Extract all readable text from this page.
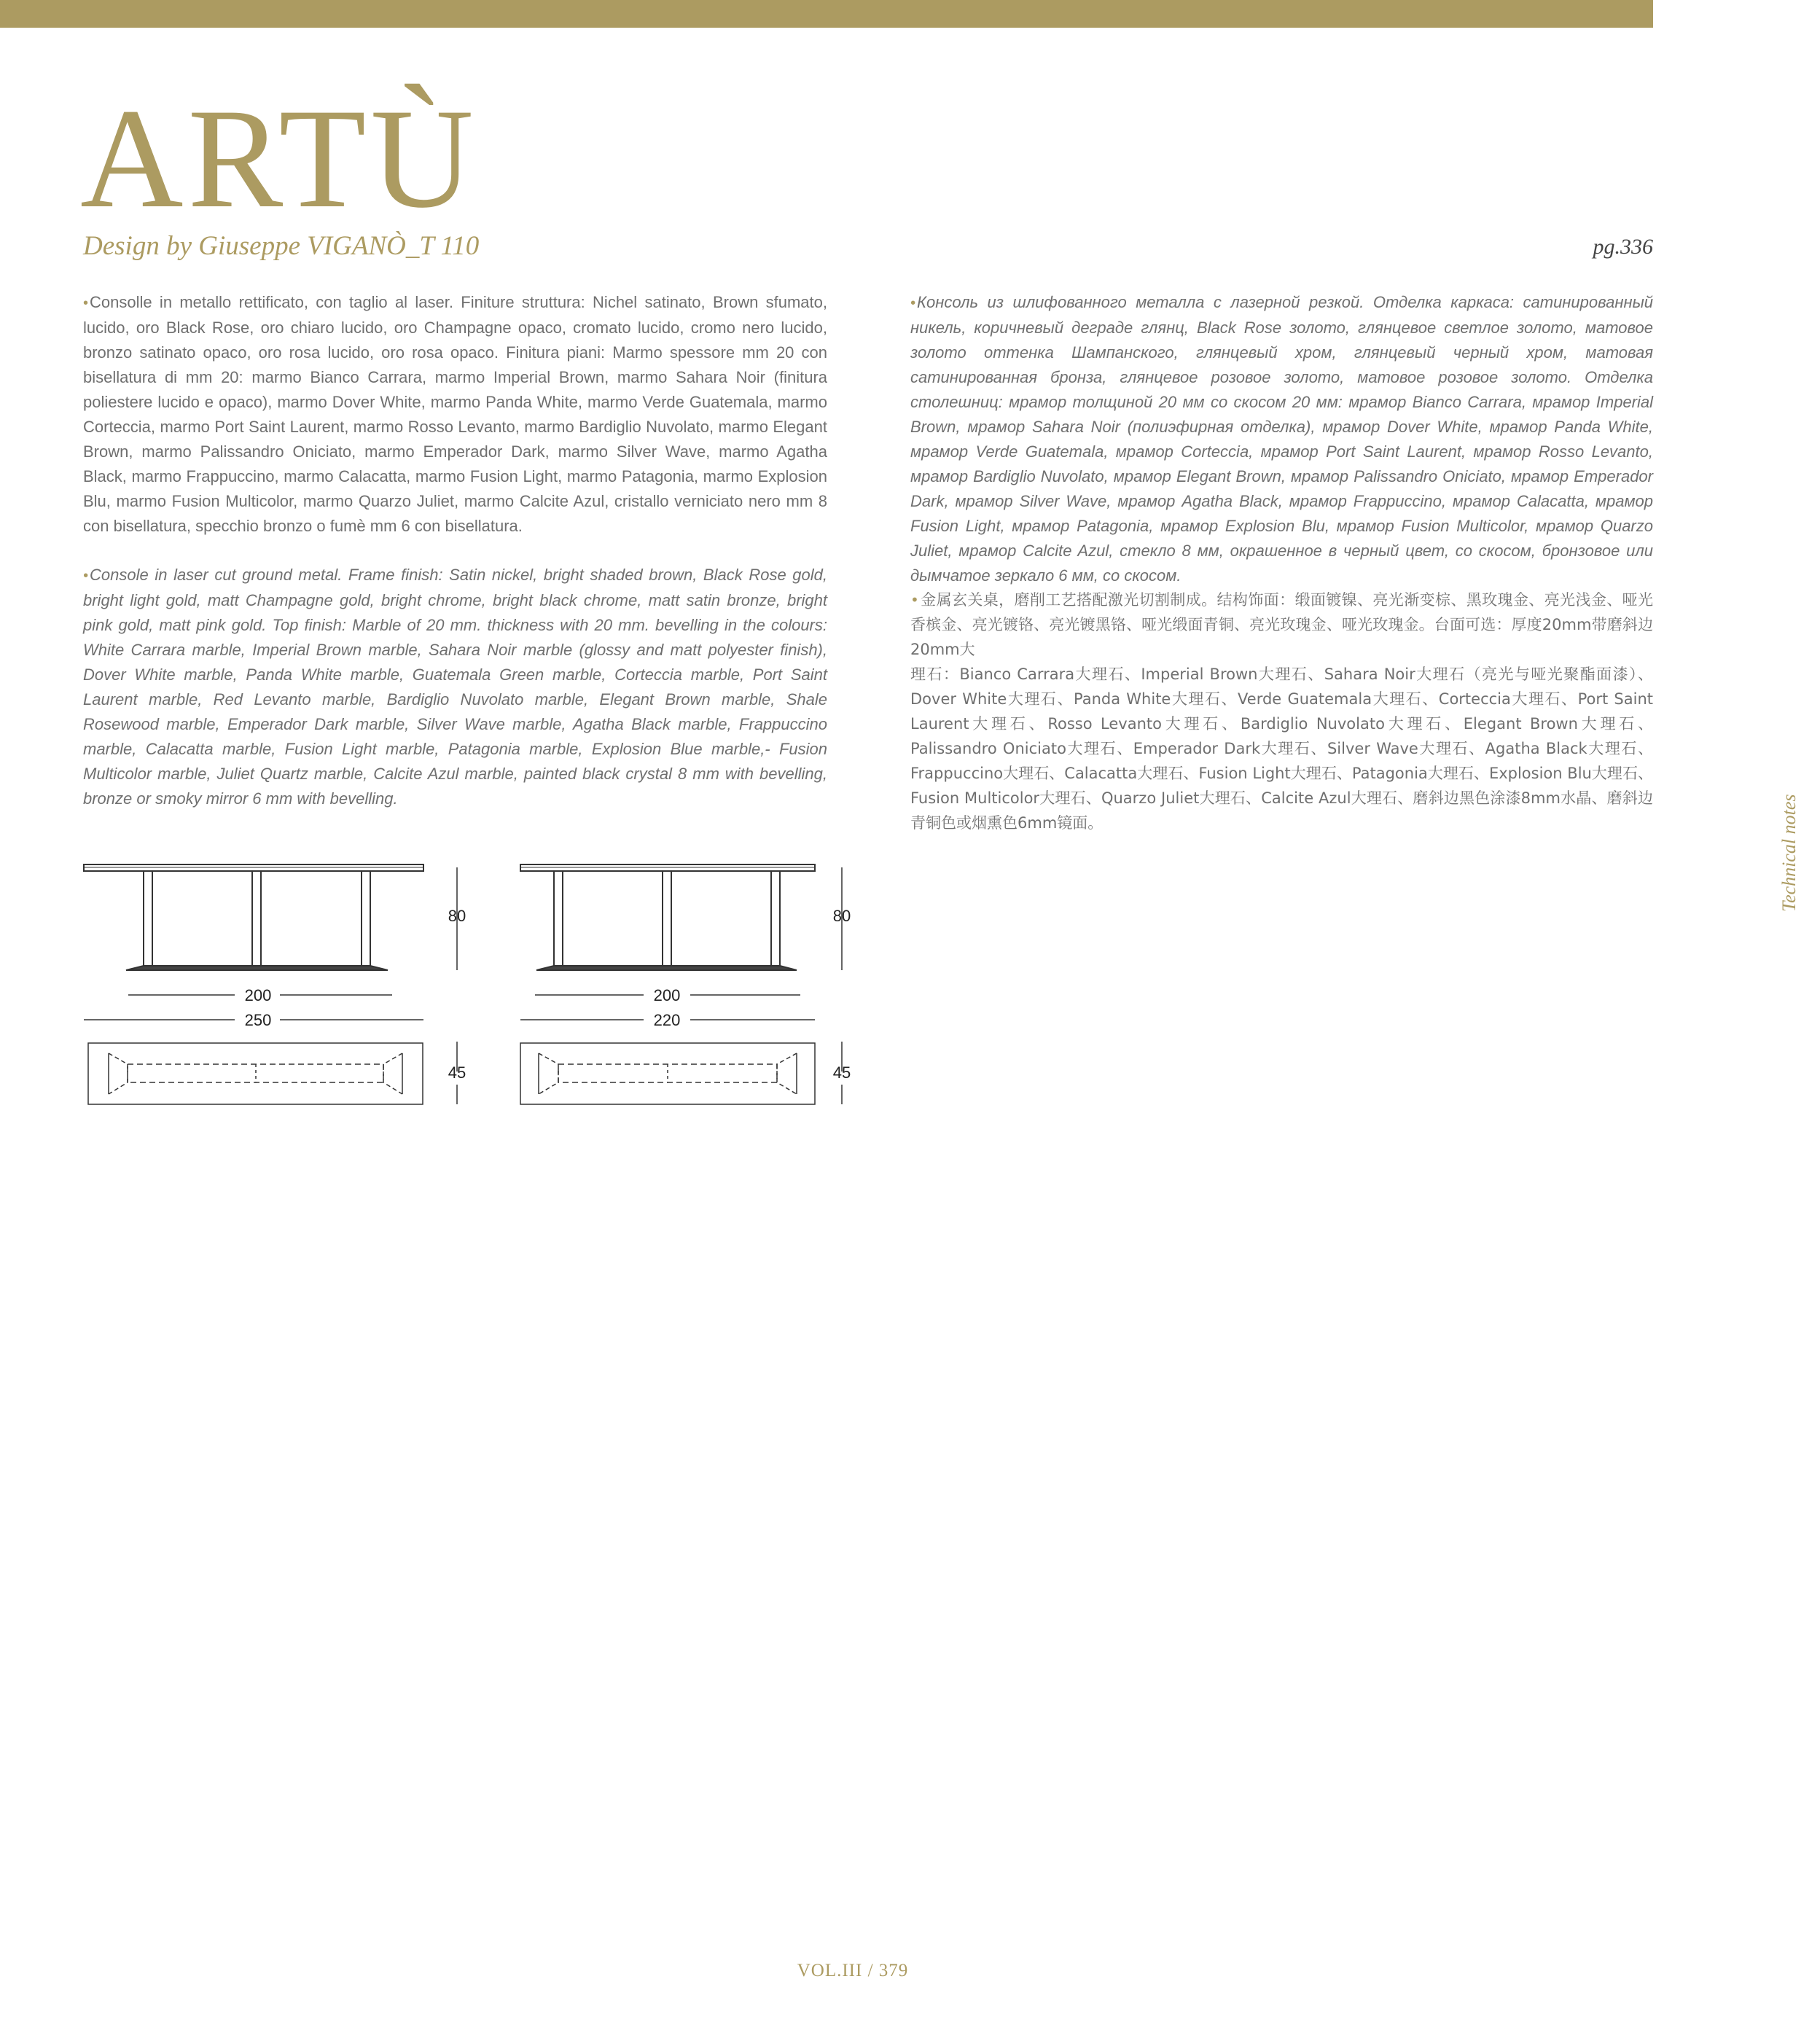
ARTÙ
Design by Giuseppe VIGANÒ_T 110	pg.336

•Consolle in metallo rettificato, con taglio al laser. Finiture struttura: Nichel satinato, Brown sfumato, lucido, oro Black Rose, oro chiaro lucido, oro Champagne opaco, cromato lucido, cromo nero lucido, bronzo satinato opaco, oro rosa lucido, oro rosa opaco. Finitura piani: Marmo spessore mm 20 con bisellatura di mm 20: marmo Bianco Carrara, marmo Imperial Brown, marmo Sahara Noir (finitura poliestere lucido e opaco), marmo Dover White, marmo Panda White, marmo Verde Guatemala, marmo Corteccia, marmo Port Saint Laurent, marmo Rosso Levanto, marmo Bardiglio Nuvolato, marmo Elegant Brown, marmo Palissandro Oniciato, marmo Emperador Dark, marmo Silver Wave, marmo Agatha Black, marmo Frappuccino, marmo Calacatta, marmo Fusion Light, marmo Patagonia, marmo Explosion Blu, marmo Fusion Multicolor, marmo Quarzo Juliet, marmo Calcite Azul, cristallo verniciato nero mm 8 con bisellatura, specchio bronzo o fumè mm 6 con bisellatura.

•Console in laser cut ground metal. Frame finish: Satin nickel, bright shaded brown, Black Rose gold, bright light gold, matt Champagne gold, bright chrome, bright black chrome, matt satin bronze, bright pink gold, matt pink gold. Top finish: Marble of 20 mm. thickness with 20 mm. bevelling in the colours: White Carrara marble, Imperial Brown marble, Sahara Noir marble (glossy and matt polyester finish), Dover White marble, Panda White marble, Guatemala Green marble, Corteccia marble, Port Saint Laurent marble, Red Levanto marble, Bardiglio Nuvolato marble, Elegant Brown marble, Shale Rosewood marble, Emperador Dark marble, Silver Wave marble, Agatha Black marble, Frappuccino marble, Calacatta marble, Fusion Light marble, Patagonia marble, Explosion Blue marble,- Fusion Multicolor marble, Juliet Quartz marble, Calcite Azul marble, painted black crystal 8 mm with bevelling, bronze or smoky mirror 6 mm with bevelling.

•Консоль из шлифованного металла с лазерной резкой. Отделка каркаса: сатинированный никель, коричневый деграде глянц, Black Rose золото, глянцевое светлое золото, матовое золото оттенка Шампанского, глянцевый хром, глянцевый черный хром, матовая сатинированная бронза, глянцевое розовое золото, матовое розовое золото. Отделка столешниц: мрамор толщиной 20 мм со скосом 20 мм: мрамор Bianco Carrara, мрамор Imperial Brown, мрамор Sahara Noir (полиэфирная отделка), мрамор Dover White, мрамор Panda White, мрамор Verde Guatemala, мрамор Corteccia, мрамор Port Saint Laurent, мрамор Rosso Levanto, мрамор Bardiglio Nuvolato, мрамор Elegant Brown, мрамор Palissandro Oniciato, мрамор Emperador Dark, мрамор Silver Wave, мрамор Agatha Black, мрамор Frappuccino, мрамор Calacatta, мрамор Fusion Light, мрамор Patagonia, мрамор Explosion Blu, мрамор Fusion Multicolor, мрамор Quarzo Juliet, мрамор Calcite Azul, стекло 8 мм, окрашенное в черный цвет, со скосом, бронзовое или дымчатое зеркало 6 мм, со скосом.

•金属玄关桌，磨削工艺搭配激光切割制成。结构饰面：缎面镀镍、亮光渐变棕、黑玫瑰金、亮光浅金、哑光香槟金、亮光镀铬、亮光镀黑铬、哑光缎面青铜、亮光玫瑰金、哑光玫瑰金。台面可选：厚度20mm带磨斜边20mm大
理石：Bianco Carrara大理石、Imperial Brown大理石、Sahara Noir大理石（亮光与哑光聚酯面漆）、Dover White大理石、Panda White大理石、Verde Guatemala大理石、Corteccia大理石、Port Saint Laurent大理石、Rosso Levanto大理石、Bardiglio Nuvolato大理石、Elegant Brown大理石、Palissandro Oniciato大理石、Emperador Dark大理石、Silver Wave大理石、Agatha Black大理石、Frappuccino大理石、Calacatta大理石、Fusion Light大理石、Patagonia大理石、Explosion Blu大理石、Fusion Multicolor大理石、Quarzo Juliet大理石、Calcite Azul大理石、磨斜边黑色涂漆8mm水晶、磨斜边青铜色或烟熏色6mm镜面。

80
200
250
45
80
200
220
45
Technical notes
VOL.III / 379
